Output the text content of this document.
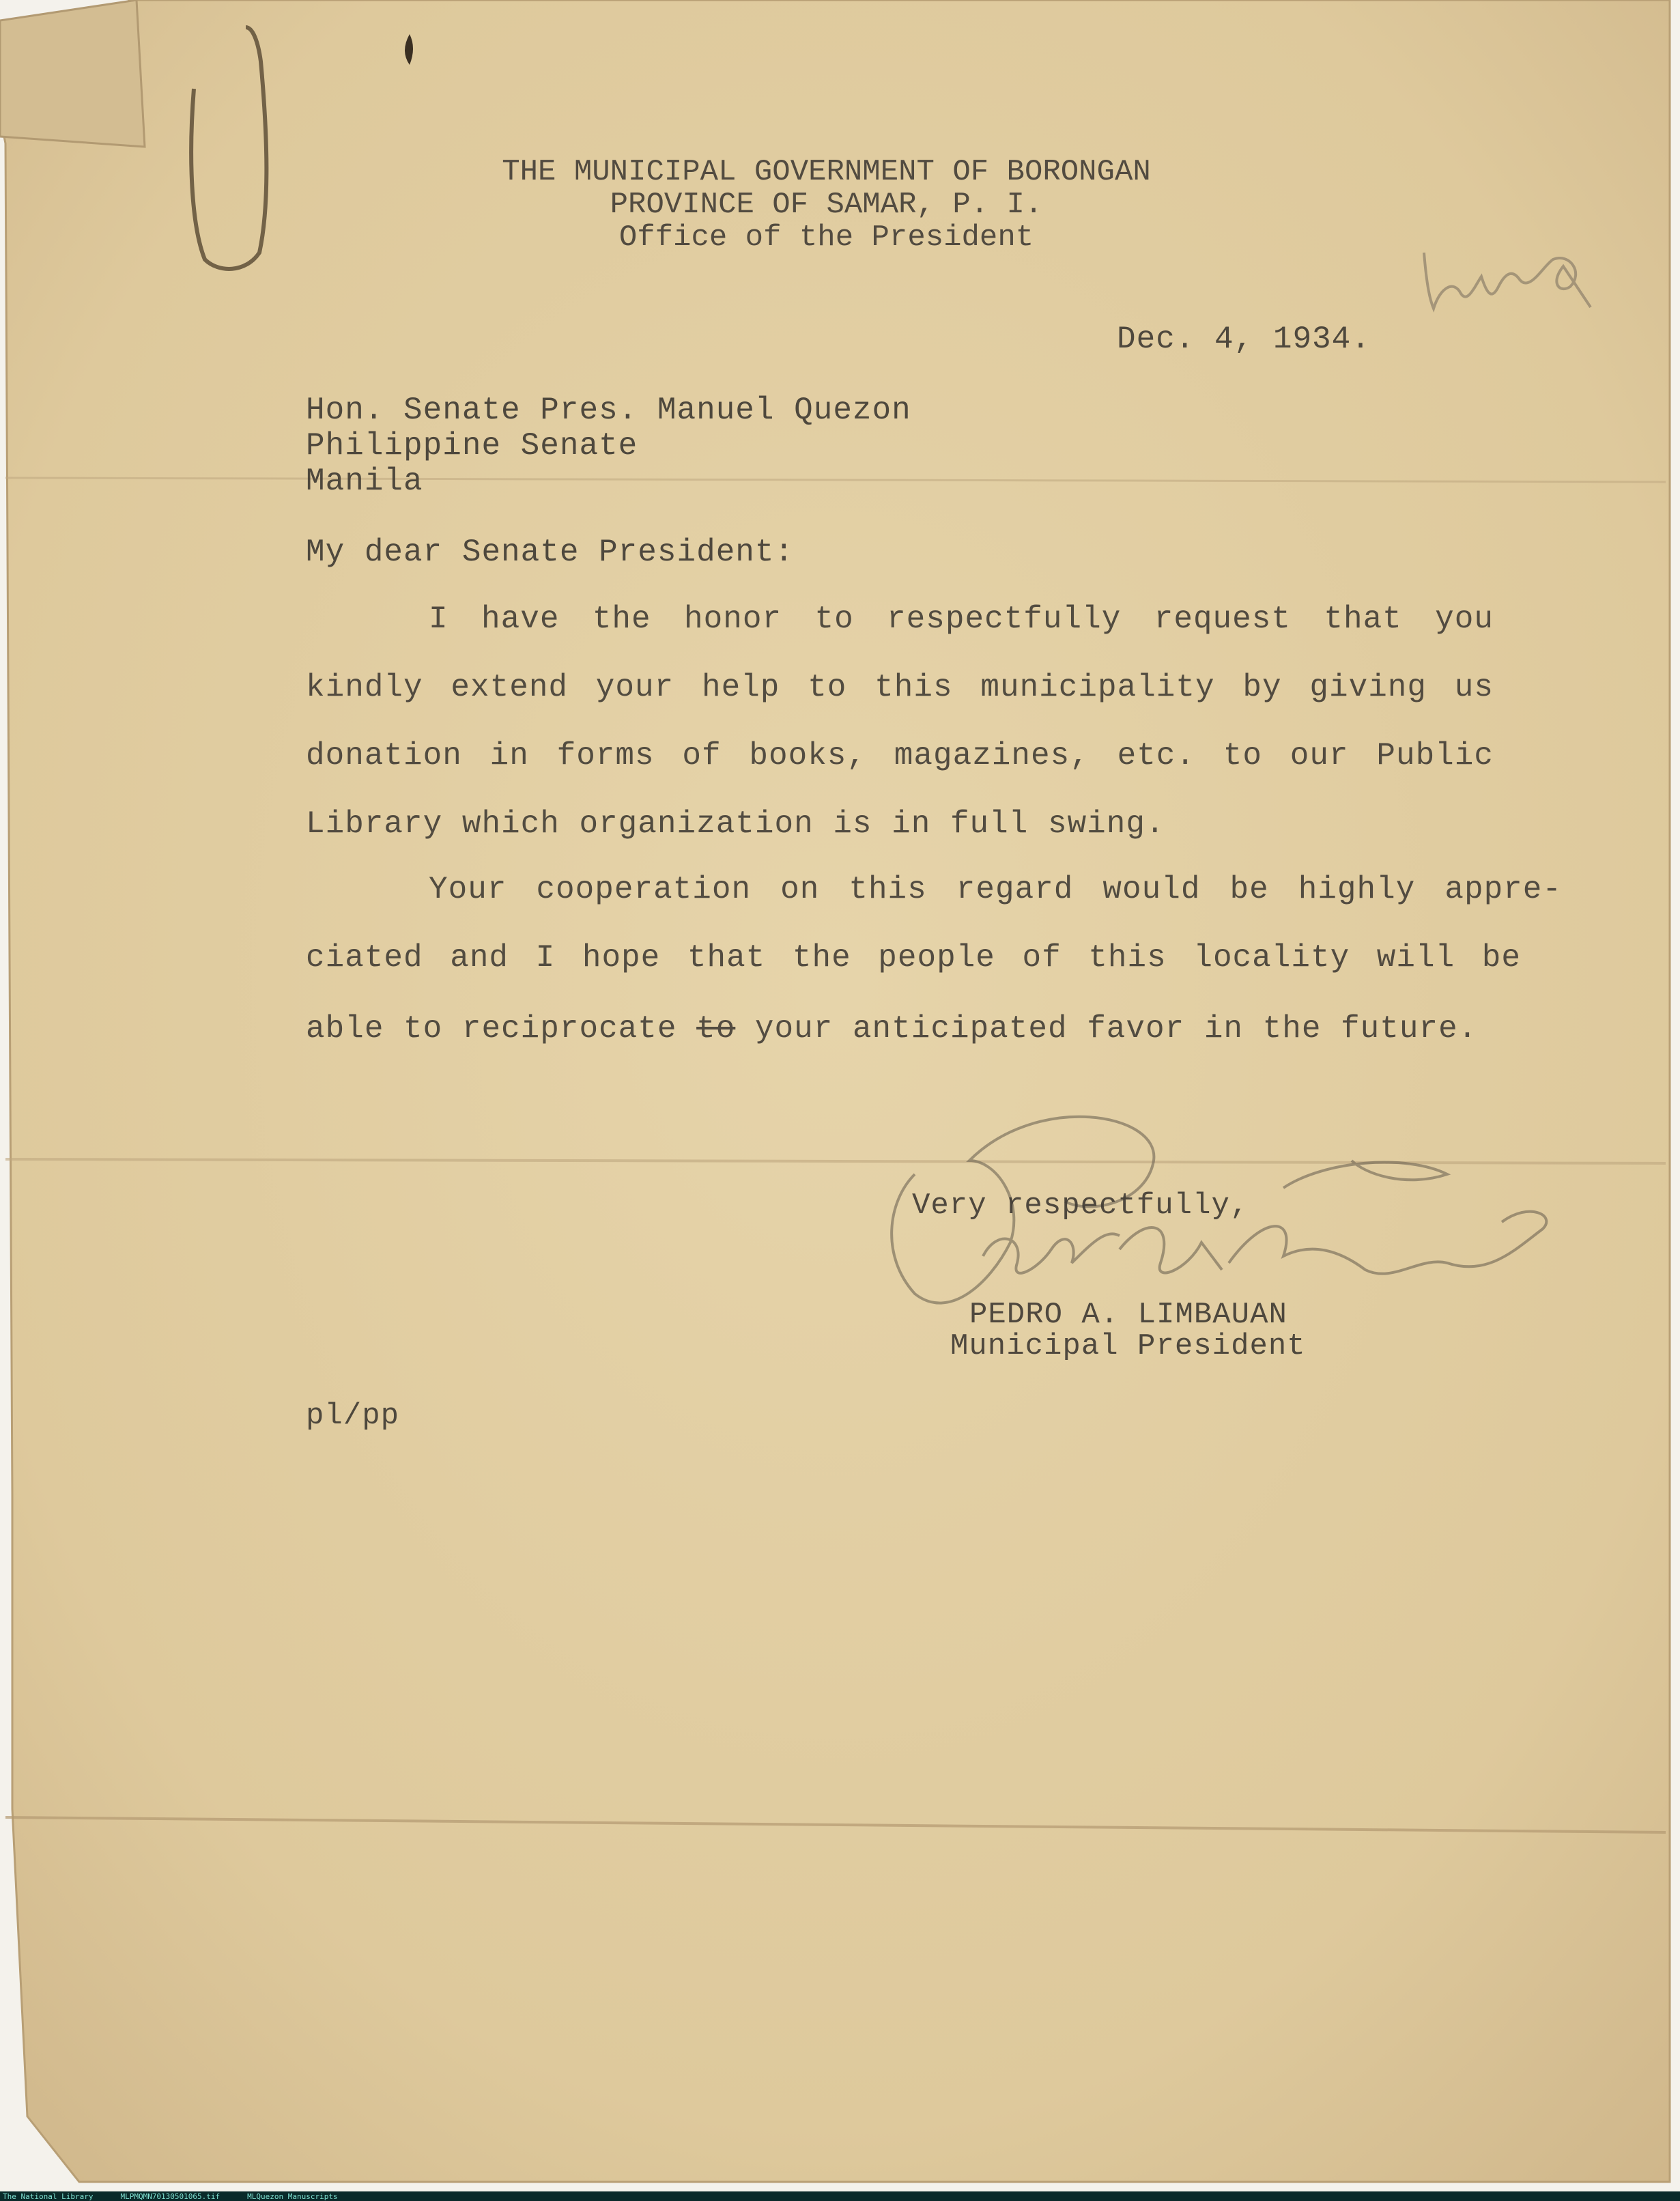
THE MUNICIPAL GOVERNMENT OF BORONGAN
PROVINCE OF SAMAR, P. I.
Office of the President
Dec. 4, 1934.
Hon. Senate Pres. Manuel Quezon
Philippine Senate
Manila
My dear Senate President:
I have the honor to respectfully request that you
kindly extend your help to this municipality by giving us
donation in forms of books, magazines, etc. to our Public
Library which organization is in full swing.
Your cooperation on this regard would be highly appre-
ciated and I hope that the people of this locality will be
able to reciprocate to your anticipated favor in the future.
Very respectfully,
PEDRO A. LIMBAUAN
Municipal President
pl/pp
The National Library	MLPMQMN70130501065.tif	MLQuezon Manuscripts
